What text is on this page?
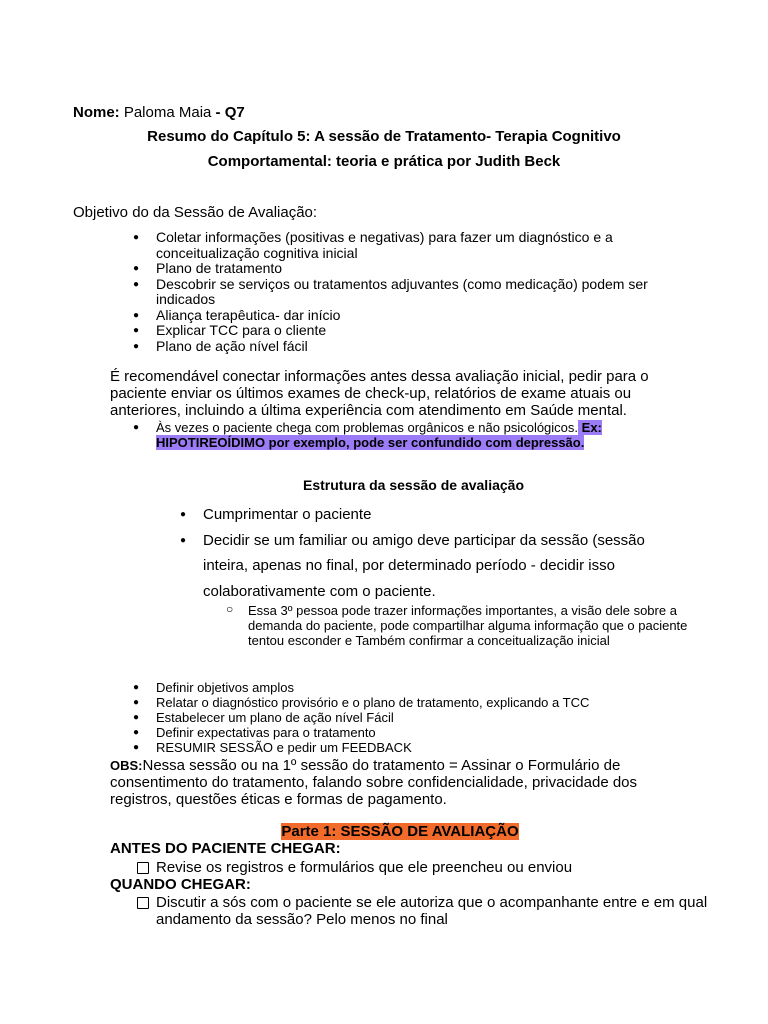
Nome: Paloma Maia - Q7
Resumo do Capítulo 5: A sessão de Tratamento- Terapia Cognitivo
Comportamental: teoria e prática por Judith Beck
Objetivo do da Sessão de Avaliação:
● Coletar informações (positivas e negativas) para fazer um diagnóstico e a conceitualização cognitiva inicial
● Plano de tratamento
● Descobrir se serviços ou tratamentos adjuvantes (como medicação) podem ser indicados
● Aliança terapêutica- dar início
● Explicar TCC para o cliente
● Plano de ação nível fácil
É recomendável conectar informações antes dessa avaliação inicial, pedir para o paciente enviar os últimos exames de check-up, relatórios de exame atuais ou anteriores, incluindo a última experiência com atendimento em Saúde mental.
● Às vezes o paciente chega com problemas orgânicos e não psicológicos. Ex:
HIPOTIREOÍDIMO por exemplo, pode ser confundido com depressão.
Estrutura da sessão de avaliação
● Cumprimentar o paciente
● Decidir se um familiar ou amigo deve participar da sessão (sessão inteira, apenas no final, por determinado período - decidir isso colaborativamente com o paciente.
○ Essa 3º pessoa pode trazer informações importantes, a visão dele sobre a demanda do paciente, pode compartilhar alguma informação que o paciente tentou esconder e Também confirmar a conceitualização inicial
● Definir objetivos amplos
● Relatar o diagnóstico provisório e o plano de tratamento, explicando a TCC
● Estabelecer um plano de ação nível Fácil
● Definir expectativas para o tratamento
● RESUMIR SESSÃO e pedir um FEEDBACK
OBS:Nessa sessão ou na 1º sessão do tratamento = Assinar o Formulário de consentimento do tratamento, falando sobre confidencialidade, privacidade dos registros, questões éticas e formas de pagamento.
Parte 1: SESSÃO DE AVALIAÇÃO
ANTES DO PACIENTE CHEGAR:
Revise os registros e formulários que ele preencheu ou enviou
QUANDO CHEGAR:
Discutir a sós com o paciente se ele autoriza que o acompanhante entre e em qual andamento da sessão? Pelo menos no final
